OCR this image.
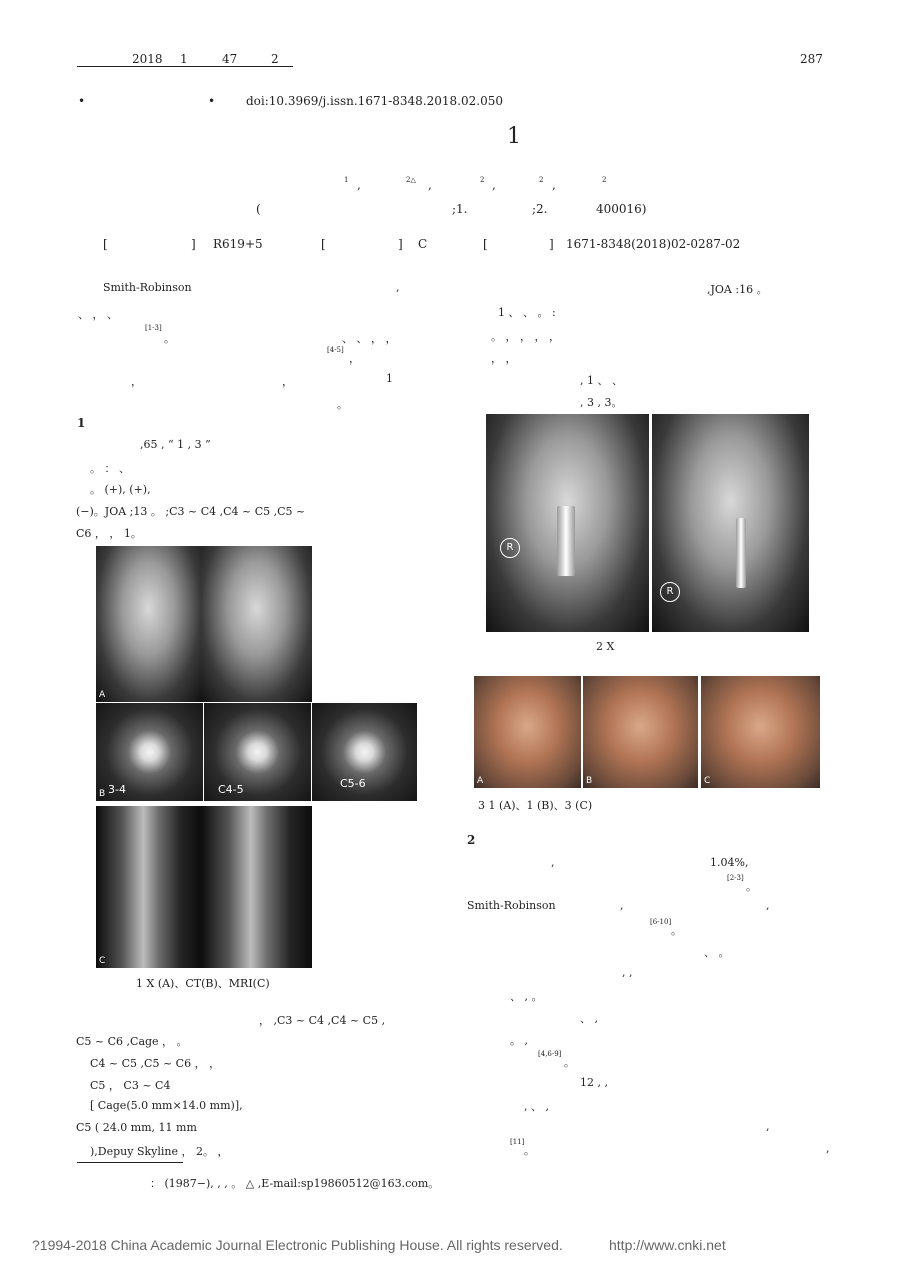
2018 1	47	2	287
•	•	doi:10.3969/j.issn.1671-8348.2018.02.050
1
1 ,	2△ ,	2 ,	2 ,	2
(	;1.	;2.	400016)
[	] R619+5	[	] C	[	] 1671-8348(2018)02-0287-02
Smith-Robinson	,
、 ， 、
[1-3]
。	、 、 ， ，
[4-5]
，
，	，	1
。
1
,65 , “ 1 , 3 ”
。 ： 、
。 (+), (+),
(−)。JOA ;13 。 ;C3 ~ C4 ,C4 ~ C5 ,C5 ~
C6 ， ， 1。
A
B 3-4	C4-5	C5-6
C
1 X (A)、CT(B)、MRI(C)
， ,C3 ~ C4 ,C4 ~ C5 ,
C5 ~ C6 ,Cage ， 。
C4 ~ C5 ,C5 ~ C6 ， ，
C5 ， C3 ~ C4
[ Cage(5.0 mm×14.0 mm)],
C5 ( 24.0 mm, 11 mm
),Depuy Skyline ， 2。 ，
,JOA :16 。
1 、 、 。 :
。 ， ， ， ，
， ，
, 1 、 、
, 3 , 3。
R
R
2 X
A	B	C
3 1 (A)、1 (B)、3 (C)
2
,	1.04%,
[2-3]
。
Smith-Robinson	,	,
[6-10]
。
、 。
, ,
、 , 。
、 ,
。 ,
[4,6-9]
。
12 , ,
, 、 ,
,
[11]
。	,
： (1987−), , , 。 △ ,E-mail:sp19860512@163.com。
?1994-2018 China Academic Journal Electronic Publishing House. All rights reserved.	http://www.cnki.net
